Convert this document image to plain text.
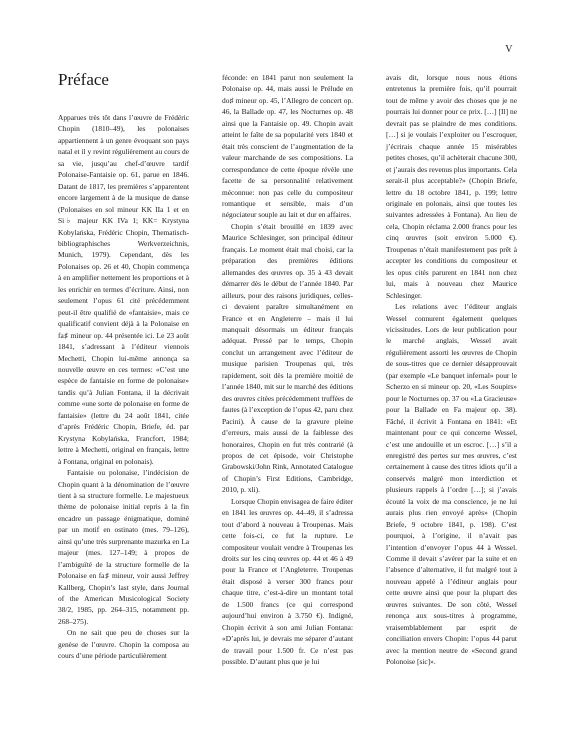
V
Préface

Apparues très tôt dans l’œuvre de Frédéric Chopin (1810–49), les polonaises appartiennent à un genre évoquant son pays natal et il y revint régulièrement au cours de sa vie, jusqu’au chef-d’œuvre tardif Polonaise-Fantaisie op. 61, parue en 1846. Datant de 1817, les premières s’apparentent encore largement à de la musique de danse (Polonaises en sol mineur KK IIa 1 et en Si♭ majeur KK IVa 1; KK= Krystyna Kobylańska, Frédéric Chopin, Thematisch-bibliographisches Werkverzeichnis, Munich, 1979). Cependant, dès les Polonaises op. 26 et 40, Chopin commença à en amplifier nettement les proportions et à les enrichir en termes d’écriture. Ainsi, non seulement l’opus 61 cité précédemment peut-il être qualifié de «fantaisie», mais ce qualificatif convient déjà à la Polonaise en fa♯ mineur op. 44 présentée ici. Le 23 août 1841, s’adressant à l’éditeur viennois Mechetti, Chopin lui-même annonça sa nouvelle œuvre en ces termes: «C’est une espèce de fantaisie en forme de polonaise» tandis qu’à Julian Fontana, il la décrivait comme «une sorte de polonaise en forme de fantaisie» (lettre du 24 août 1841, citée d’après Frédéric Chopin, Briefe, éd. par Krystyna Kobylańska, Francfort, 1984; lettre à Mechetti, original en français, lettre à Fontana, original en polonais).

Fantaisie ou polonaise, l’indécision de Chopin quant à la dénomination de l’œuvre tient à sa structure formelle. Le majestueux thème de polonaise initial repris à la fin encadre un passage énigmatique, dominé par un motif en ostinato (mes. 79–126), ainsi qu’une très surprenante mazurka en La majeur (mes. 127–149; à propos de l’ambiguïté de la structure formelle de la Polonaise en fa♯ mineur, voir aussi Jeffrey Kallberg, Chopin’s last style, dans Journal of the American Musicological Society 38/2, 1985, pp. 264–315, notamment pp. 268–275).

On ne sait que peu de choses sur la genèse de l’œuvre. Chopin la composa au cours d’une période particulièrement

féconde: en 1841 parut non seulement la Polonaise op. 44, mais aussi le Prélude en do♯ mineur op. 45, l’Allegro de concert op. 46, la Ballade op. 47, les Nocturnes op. 48 ainsi que la Fantaisie op. 49. Chopin avait atteint le faîte de sa popularité vers 1840 et était très conscient de l’augmentation de la valeur marchande de ses compositions. La correspondance de cette époque révèle une facette de sa personnalité relativement méconnue: non pas celle du compositeur romantique et sensible, mais d’un négociateur souple au lait et dur en affaires.

Chopin s’était brouillé en 1839 avec Maurice Schlesinger, son principal éditeur français. Le moment était mal choisi, car la préparation des premières éditions allemandes des œuvres op. 35 à 43 devait démarrer dès le début de l’année 1840. Par ailleurs, pour des raisons juridiques, celles-ci devaient paraître simultanément en France et en Angleterre – mais il lui manquait désormais un éditeur français adéquat. Pressé par le temps, Chopin conclut un arrangement avec l’éditeur de musique parisien Troupenas qui, très rapidement, soit dès la première moitié de l’année 1840, mit sur le marché des éditions des œuvres citées précédemment truffées de fautes (à l’exception de l’opus 42, paru chez Pacini). À cause de la gravure pleine d’erreurs, mais aussi de la faiblesse des honoraires, Chopin en fut très contrarié (à propos de cet épisode, voir Christophe Grabowski/John Rink, Annotated Catalogue of Chopin’s First Editions, Cambridge, 2010, p. xli).

Lorsque Chopin envisagea de faire éditer en 1841 les œuvres op. 44–49, il s’adressa tout d’abord à nouveau à Troupenas. Mais cette fois-ci, ce fut la rupture. Le compositeur voulait vendre à Troupenas les droits sur les cinq œuvres op. 44 et 46 à 49 pour la France et l’Angleterre. Troupenas était disposé à verser 300 francs pour chaque titre, c’est-à-dire un montant total de 1.500 francs (ce qui correspond aujourd’hui environ à 3.750 €). Indigné, Chopin écrivit à son ami Julian Fontana: «D’après lui, je devrais me séparer d’autant de travail pour 1.500 fr. Ce n’est pas possible. D’autant plus que je lui

avais dit, lorsque nous nous étions entretenus la première fois, qu’il pourrait tout de même y avoir des choses que je ne pourrais lui donner pour ce prix. […] [Il] ne devrait pas se plaindre de mes conditions. […] si je voulais l’exploiter ou l’escroquer, j’écrirais chaque année 15 misérables petites choses, qu’il achèterait chacune 300, et j’aurais des revenus plus importants. Cela serait-il plus acceptable?» (Chopin Briefe, lettre du 18 octobre 1841, p. 199; lettre originale en polonais, ainsi que toutes les suivantes adressées à Fontana). Au lieu de cela, Chopin réclama 2.000 francs pour les cinq œuvres (soit environ 5.000 €). Troupenas n’était manifestement pas prêt à accepter les conditions du compositeur et les opus cités parurent en 1841 non chez lui, mais à nouveau chez Maurice Schlesinger.

Les relations avec l’éditeur anglais Wessel connurent également quelques vicissitudes. Lors de leur publication pour le marché anglais, Wessel avait régulièrement assorti les œuvres de Chopin de sous-titres que ce dernier désapprouvait (par exemple «Le banquet infernal» pour le Scherzo en si mineur op. 20, «Les Soupirs» pour le Nocturnes op. 37 ou «La Gracieuse» pour la Ballade en Fa majeur op. 38). Fâché, il écrivit à Fontana en 1841: «Et maintenant pour ce qui concerne Wessel, c’est une andouille et un escroc. […] s’il a enregistré des pertes sur mes œuvres, c’est certainement à cause des titres idiots qu’il a conservés malgré mon interdiction et plusieurs rappels à l’ordre […]; si j’avais écouté la voix de ma conscience, je ne lui aurais plus rien envoyé après» (Chopin Briefe, 9 octobre 1841, p. 198). C’est pourquoi, à l’origine, il n’avait pas l’intention d’envoyer l’opus 44 à Wessel. Comme il devait s’avérer par la suite et en l’absence d’alternative, il fut malgré tout à nouveau appelé à l’éditeur anglais pour cette œuvre ainsi que pour la plupart des œuvres suivantes. De son côté, Wessel renonça aux sous-titres à programme, vraisemblablement par esprit de conciliation envers Chopin: l’opus 44 parut avec la mention neutre de «Second grand Polonoise [sic]».
